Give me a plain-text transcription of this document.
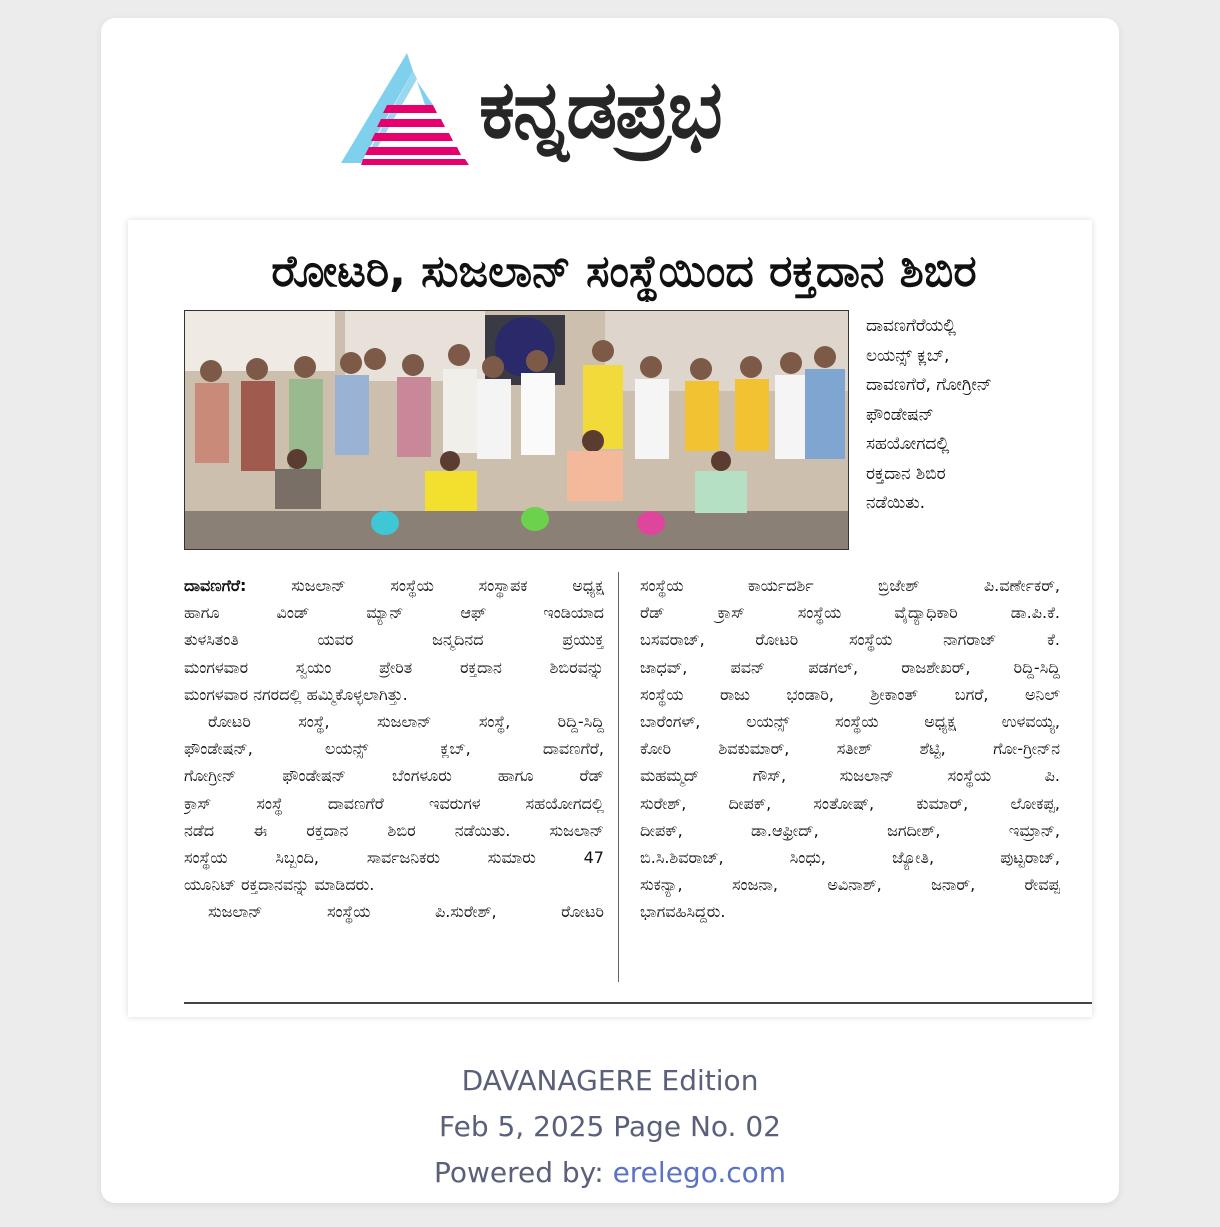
ಕನ್ನಡಪ್ರಭ
ರೋಟರಿ, ಸುಜಲಾನ್ ಸಂಸ್ಥೆಯಿಂದ ರಕ್ತದಾನ ಶಿಬಿರ
ದಾವಣಗೆರೆಯಲ್ಲಿ
ಲಯನ್ಸ್ ಕ್ಲಬ್,
ದಾವಣಗೆರೆ, ಗೋಗ್ರೀನ್
ಫೌಂಡೇಷನ್
ಸಹಯೋಗದಲ್ಲಿ
ರಕ್ತದಾನ ಶಿಬಿರ
ನಡೆಯಿತು.
ದಾವಣಗೆರೆ:	ಸುಜಲಾನ್ ಸಂಸ್ಥೆಯ ಸಂಸ್ಥಾಪಕ ಅಧ್ಯಕ್ಷ
ಹಾಗೂ ವಿಂಡ್ ಮ್ಯಾನ್ ಆಫ್ ಇಂಡಿಯಾದ
ತುಳಸಿತಂತಿ ಯವರ ಜನ್ಮದಿನದ ಪ್ರಯುಕ್ತ
ಮಂಗಳವಾರ ಸ್ವಯಂ ಪ್ರೇರಿತ ರಕ್ತದಾನ ಶಿಬಿರವನ್ನು
ಮಂಗಳವಾರ ನಗರದಲ್ಲಿ ಹಮ್ಮಿಕೊಳ್ಳಲಾಗಿತ್ತು.
ರೋಟರಿ ಸಂಸ್ಥೆ, ಸುಜಲಾನ್ ಸಂಸ್ಥೆ, ರಿದ್ದಿ-ಸಿದ್ದಿ
ಫೌಂಡೇಷನ್, ಲಯನ್ಸ್ ಕ್ಲಬ್, ದಾವಣಗೆರೆ,
ಗೋಗ್ರೀನ್ ಫೌಂಡೇಷನ್ ಬೆಂಗಳೂರು ಹಾಗೂ ರೆಡ್
ಕ್ರಾಸ್ ಸಂಸ್ಥೆ ದಾವಣಗೆರೆ ಇವರುಗಳ ಸಹಯೋಗದಲ್ಲಿ
ನಡೆದ ಈ ರಕ್ತದಾನ ಶಿಬಿರ ನಡೆಯಿತು. ಸುಜಲಾನ್
ಸಂಸ್ಥೆಯ ಸಿಬ್ಬಂದಿ, ಸಾರ್ವಜನಿಕರು ಸುಮಾರು 47
ಯೂನಿಟ್ ರಕ್ತದಾನವನ್ನು ಮಾಡಿದರು.
ಸುಜಲಾನ್ ಸಂಸ್ಥೆಯ ಪಿ.ಸುರೇಶ್, ರೋಟರಿ
ಸಂಸ್ಥೆಯ ಕಾರ್ಯದರ್ಶಿ ಬ್ರಿಜೇಶ್ ಪಿ.ವರ್ಣೇಕರ್,
ರೆಡ್ ಕ್ರಾಸ್ ಸಂಸ್ಥೆಯ ವೈದ್ಯಾಧಿಕಾರಿ ಡಾ.ಪಿ.ಕೆ.
ಬಸವರಾಜ್, ರೋಟರಿ ಸಂಸ್ಥೆಯ ನಾಗರಾಜ್ ಕೆ.
ಜಾಧವ್, ಪವನ್ ಪಡಗಲ್, ರಾಜಶೇಖರ್, ರಿದ್ದಿ-ಸಿದ್ದಿ
ಸಂಸ್ಥೆಯ ರಾಜು ಭಂಡಾರಿ, ಶ್ರೀಕಾಂತ್ ಬಗರೆ, ಅನಿಲ್
ಬಾರೆಂಗಳ್, ಲಯನ್ಸ್ ಸಂಸ್ಥೆಯ ಅಧ್ಯಕ್ಷ ಉಳವಯ್ಯ,
ಕೋರಿ ಶಿವಕುಮಾರ್, ಸತೀಶ್ ಶೆಟ್ಟಿ, ಗೋ-ಗ್ರೀನ್‌ನ
ಮಹಮ್ಮದ್ ಗೌಸ್, ಸುಜಲಾನ್ ಸಂಸ್ಥೆಯ ಪಿ.
ಸುರೇಶ್, ದೀಪಕ್, ಸಂತೋಷ್, ಕುಮಾರ್, ಲೋಕಪ್ಪ,
ದೀಪಕ್, ಡಾ.ಆಫ್ರೀದ್, ಜಗದೀಶ್, ಇಮ್ರಾನ್,
ಬಿ.ಸಿ.ಶಿವರಾಜ್, ಸಿಂಧು, ಜ್ಯೋತಿ, ಪುಟ್ಟರಾಜ್,
ಸುಕನ್ಯಾ, ಸಂಜನಾ, ಅವಿನಾಶ್, ಜನಾರ್, ರೇವಪ್ಪ
ಭಾಗವಹಿಸಿದ್ದರು.
DAVANAGERE Edition
Feb 5, 2025 Page No. 02
Powered by: erelego.com
